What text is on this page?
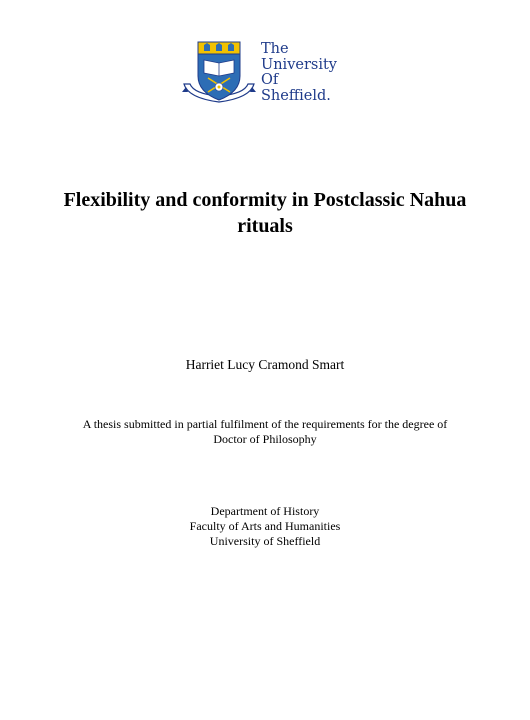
The
University
Of
Sheffield.
Flexibility and conformity in Postclassic Nahua
rituals
Harriet Lucy Cramond Smart
A thesis submitted in partial fulfilment of the requirements for the degree of
Doctor of Philosophy
Department of History
Faculty of Arts and Humanities
University of Sheffield
